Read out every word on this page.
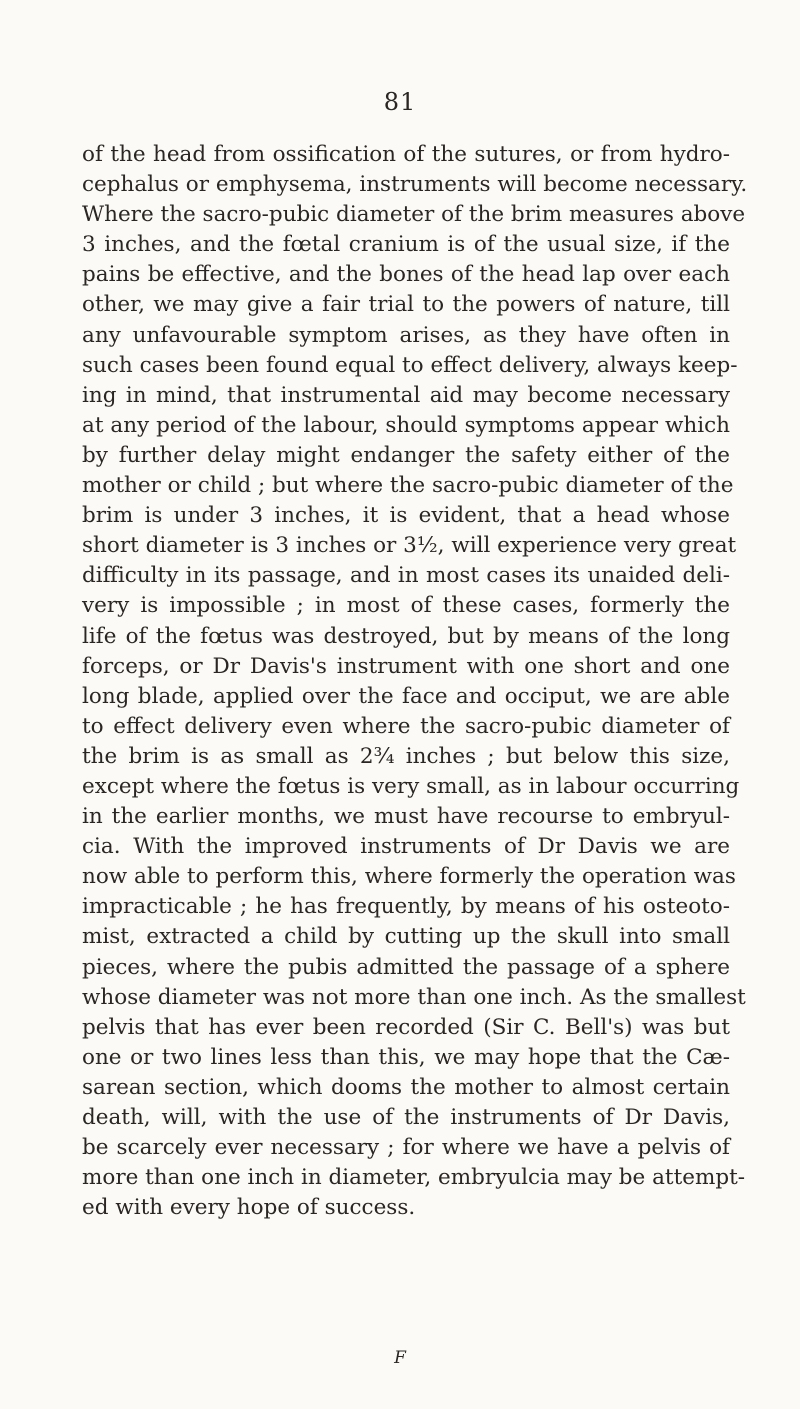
81
of the head from ossification of the sutures, or from hydro-
cephalus or emphysema, instruments will become necessary.
Where the sacro-pubic diameter of the brim measures above
3 inches, and the fœtal cranium is of the usual size, if the
pains be effective, and the bones of the head lap over each
other, we may give a fair trial to the powers of nature, till
any unfavourable symptom arises, as they have often in
such cases been found equal to effect delivery, always keep-
ing in mind, that instrumental aid may become necessary
at any period of the labour, should symptoms appear which
by further delay might endanger the safety either of the
mother or child ; but where the sacro-pubic diameter of the
brim is under 3 inches, it is evident, that a head whose
short diameter is 3 inches or 3½, will experience very great
difficulty in its passage, and in most cases its unaided deli-
very is impossible ; in most of these cases, formerly the
life of the fœtus was destroyed, but by means of the long
forceps, or Dr Davis's instrument with one short and one
long blade, applied over the face and occiput, we are able
to effect delivery even where the sacro-pubic diameter of
the brim is as small as 2¾ inches ; but below this size,
except where the fœtus is very small, as in labour occurring
in the earlier months, we must have recourse to embryul-
cia. With the improved instruments of Dr Davis we are
now able to perform this, where formerly the operation was
impracticable ; he has frequently, by means of his osteoto-
mist, extracted a child by cutting up the skull into small
pieces, where the pubis admitted the passage of a sphere
whose diameter was not more than one inch. As the smallest
pelvis that has ever been recorded (Sir C. Bell's) was but
one or two lines less than this, we may hope that the Cæ-
sarean section, which dooms the mother to almost certain
death, will, with the use of the instruments of Dr Davis,
be scarcely ever necessary ; for where we have a pelvis of
more than one inch in diameter, embryulcia may be attempt-
ed with every hope of success.
F
